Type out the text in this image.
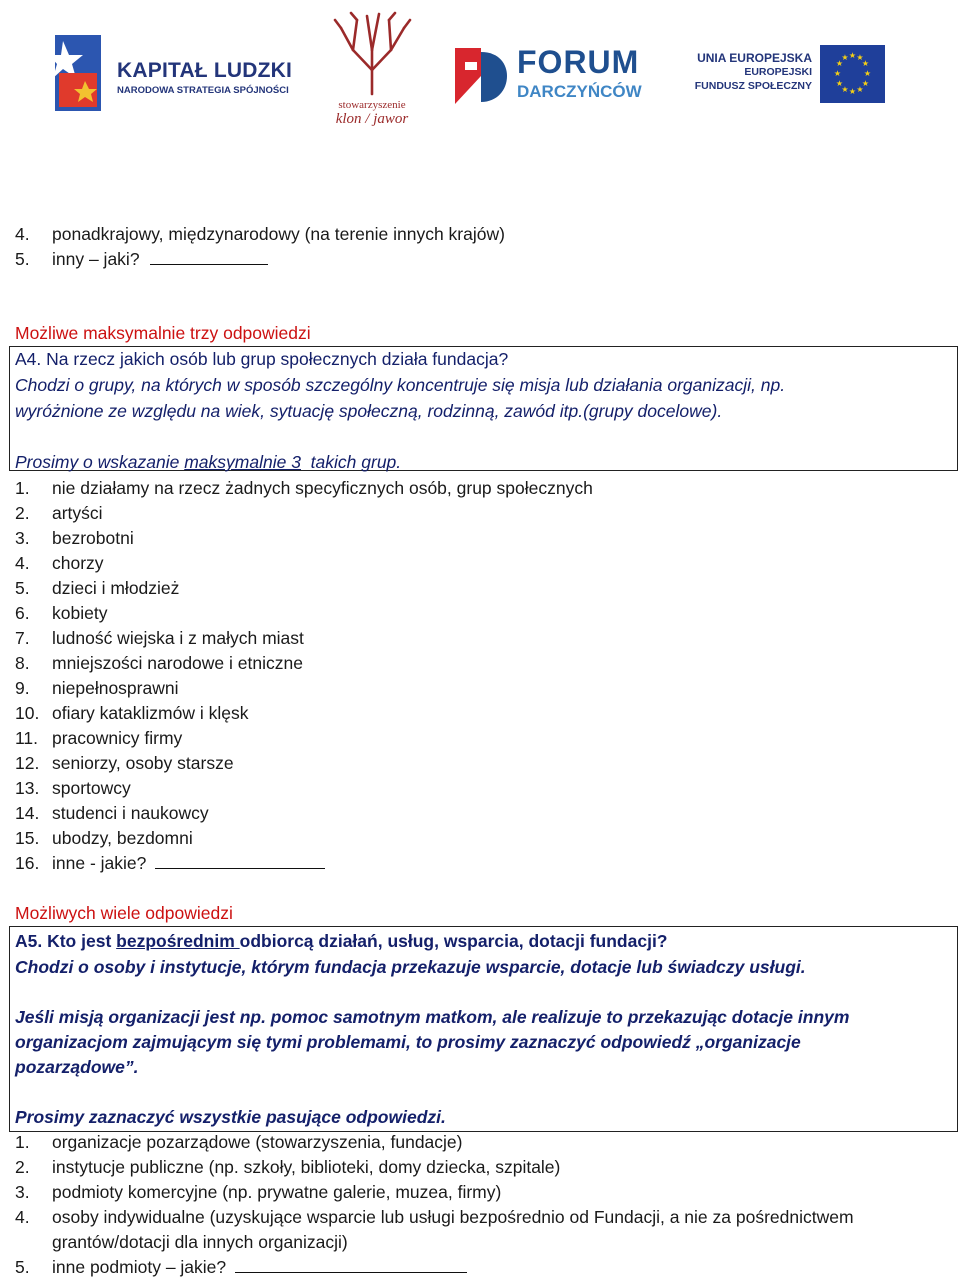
KAPITAŁ LUDZKI
NARODOWA STRATEGIA SPÓJNOŚCI
stowarzyszenie
klon / jawor
FORUM
DARCZYŃCÓW
UNIA EUROPEJSKA
EUROPEJSKI
FUNDUSZ SPOŁECZNY
★ ★
★
★
★
★
★
★
★
★
★
★
4. ponadkrajowy, międzynarodowy (na terenie innych krajów)
5. inny – jaki?
Możliwe maksymalnie trzy odpowiedzi
A4. Na rzecz jakich osób lub grup społecznych działa fundacja?
Chodzi o grupy, na których w sposób szczególny koncentruje się misja lub działania organizacji, np.
wyróżnione ze względu na wiek, sytuację społeczną, rodzinną, zawód itp.(grupy docelowe).
Prosimy o wskazanie maksymalnie 3  takich grup.
1. nie działamy na rzecz żadnych specyficznych osób, grup społecznych
2. artyści
3. bezrobotni
4. chorzy
5. dzieci i młodzież
6. kobiety
7. ludność wiejska i z małych miast
8. mniejszości narodowe i etniczne
9. niepełnosprawni
10. ofiary kataklizmów i klęsk
11. pracownicy firmy
12. seniorzy, osoby starsze
13. sportowcy
14. studenci i naukowcy
15. ubodzy, bezdomni
16. inne - jakie?
Możliwych wiele odpowiedzi
A5. Kto jest bezpośrednim odbiorcą działań, usług, wsparcia, dotacji fundacji?
Chodzi o osoby i instytucje, którym fundacja przekazuje wsparcie, dotacje lub świadczy usługi.
Jeśli misją organizacji jest np. pomoc samotnym matkom, ale realizuje to przekazując dotacje innym
organizacjom zajmującym się tymi problemami, to prosimy zaznaczyć odpowiedź „organizacje
pozarządowe”.
Prosimy zaznaczyć wszystkie pasujące odpowiedzi.
1. organizacje pozarządowe (stowarzyszenia, fundacje)
2. instytucje publiczne (np. szkoły, biblioteki, domy dziecka, szpitale)
3. podmioty komercyjne (np. prywatne galerie, muzea, firmy)
4. osoby indywidualne (uzyskujące wsparcie lub usługi bezpośrednio od Fundacji, a nie za pośrednictwem
grantów/dotacji dla innych organizacji)
5. inne podmioty – jakie?
